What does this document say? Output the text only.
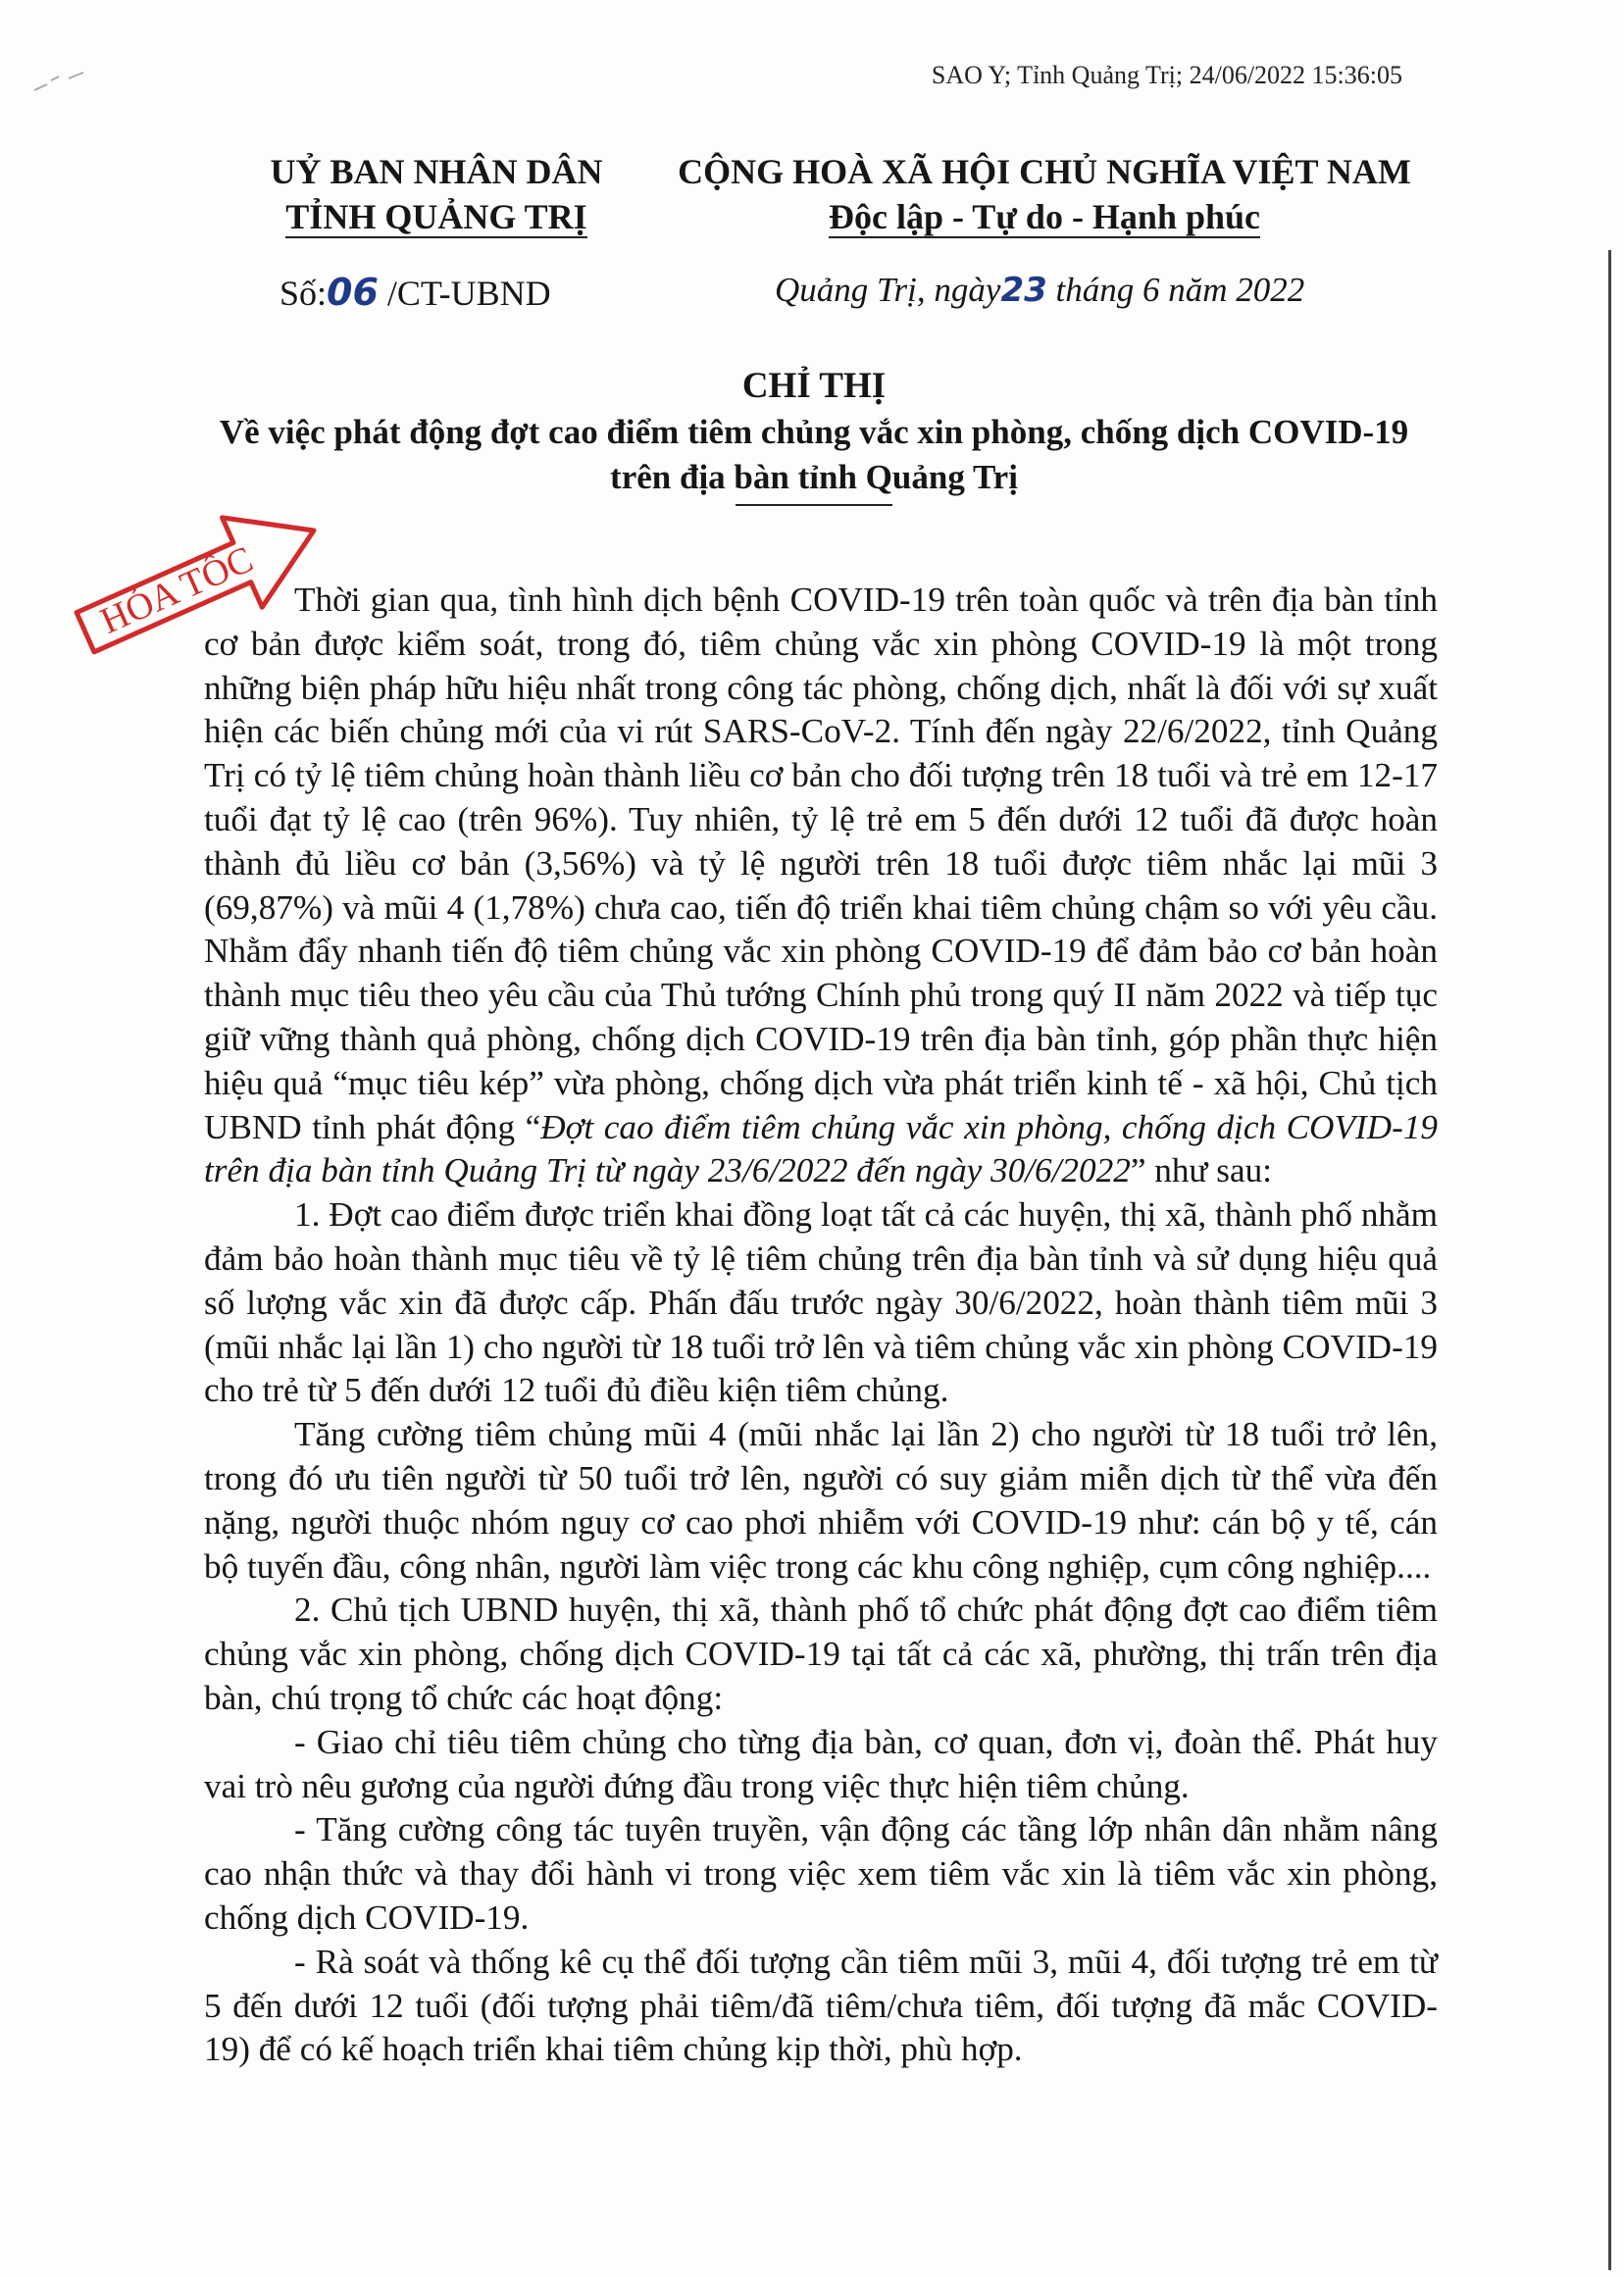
SAO Y; Tỉnh Quảng Trị; 24/06/2022 15:36:05
UỶ BAN NHÂN DÂN
TỈNH QUẢNG TRỊ
CỘNG HOÀ XÃ HỘI CHỦ NGHĨA VIỆT NAM
Độc lập - Tự do - Hạnh phúc
Số:06 /CT-UBND	Quảng Trị, ngày23 tháng 6 năm 2022
CHỈ THỊ
Về việc phát động đợt cao điểm tiêm chủng vắc xin phòng, chống dịch COVID-19
trên địa bàn tỉnh Quảng Trị
HỎA TỐC	Thời gian qua, tình hình dịch bệnh COVID-19 trên toàn quốc và trên địa bàn tỉnh cơ bản được kiểm soát, trong đó, tiêm chủng vắc xin phòng COVID-19 là một trong những biện pháp hữu hiệu nhất trong công tác phòng, chống dịch, nhất là đối với sự xuất hiện các biến chủng mới của vi rút SARS-CoV-2. Tính đến ngày 22/6/2022, tỉnh Quảng Trị có tỷ lệ tiêm chủng hoàn thành liều cơ bản cho đối tượng trên 18 tuổi và trẻ em 12-17 tuổi đạt tỷ lệ cao (trên 96%). Tuy nhiên, tỷ lệ trẻ em 5 đến dưới 12 tuổi đã được hoàn thành đủ liều cơ bản (3,56%) và tỷ lệ người trên 18 tuổi được tiêm nhắc lại mũi 3 (69,87%) và mũi 4 (1,78%) chưa cao, tiến độ triển khai tiêm chủng chậm so với yêu cầu. Nhằm đẩy nhanh tiến độ tiêm chủng vắc xin phòng COVID-19 để đảm bảo cơ bản hoàn thành mục tiêu theo yêu cầu của Thủ tướng Chính phủ trong quý II năm 2022 và tiếp tục giữ vững thành quả phòng, chống dịch COVID-19 trên địa bàn tỉnh, góp phần thực hiện hiệu quả “mục tiêu kép” vừa phòng, chống dịch vừa phát triển kinh tế - xã hội, Chủ tịch UBND tỉnh phát động “Đợt cao điểm tiêm chủng vắc xin phòng, chống dịch COVID-19 trên địa bàn tỉnh Quảng Trị từ ngày 23/6/2022 đến ngày 30/6/2022” như sau:

1. Đợt cao điểm được triển khai đồng loạt tất cả các huyện, thị xã, thành phố nhằm đảm bảo hoàn thành mục tiêu về tỷ lệ tiêm chủng trên địa bàn tỉnh và sử dụng hiệu quả số lượng vắc xin đã được cấp. Phấn đấu trước ngày 30/6/2022, hoàn thành tiêm mũi 3 (mũi nhắc lại lần 1) cho người từ 18 tuổi trở lên và tiêm chủng vắc xin phòng COVID-19 cho trẻ từ 5 đến dưới 12 tuổi đủ điều kiện tiêm chủng.

Tăng cường tiêm chủng mũi 4 (mũi nhắc lại lần 2) cho người từ 18 tuổi trở lên, trong đó ưu tiên người từ 50 tuổi trở lên, người có suy giảm miễn dịch từ thể vừa đến nặng, người thuộc nhóm nguy cơ cao phơi nhiễm với COVID-19 như: cán bộ y tế, cán bộ tuyến đầu, công nhân, người làm việc trong các khu công nghiệp, cụm công nghiệp....

2. Chủ tịch UBND huyện, thị xã, thành phố tổ chức phát động đợt cao điểm tiêm chủng vắc xin phòng, chống dịch COVID-19 tại tất cả các xã, phường, thị trấn trên địa bàn, chú trọng tổ chức các hoạt động:

- Giao chỉ tiêu tiêm chủng cho từng địa bàn, cơ quan, đơn vị, đoàn thể. Phát huy vai trò nêu gương của người đứng đầu trong việc thực hiện tiêm chủng.

- Tăng cường công tác tuyên truyền, vận động các tầng lớp nhân dân nhằm nâng cao nhận thức và thay đổi hành vi trong việc xem tiêm vắc xin là tiêm vắc xin phòng, chống dịch COVID-19.

- Rà soát và thống kê cụ thể đối tượng cần tiêm mũi 3, mũi 4, đối tượng trẻ em từ 5 đến dưới 12 tuổi (đối tượng phải tiêm/đã tiêm/chưa tiêm, đối tượng đã mắc COVID-19) để có kế hoạch triển khai tiêm chủng kịp thời, phù hợp.
